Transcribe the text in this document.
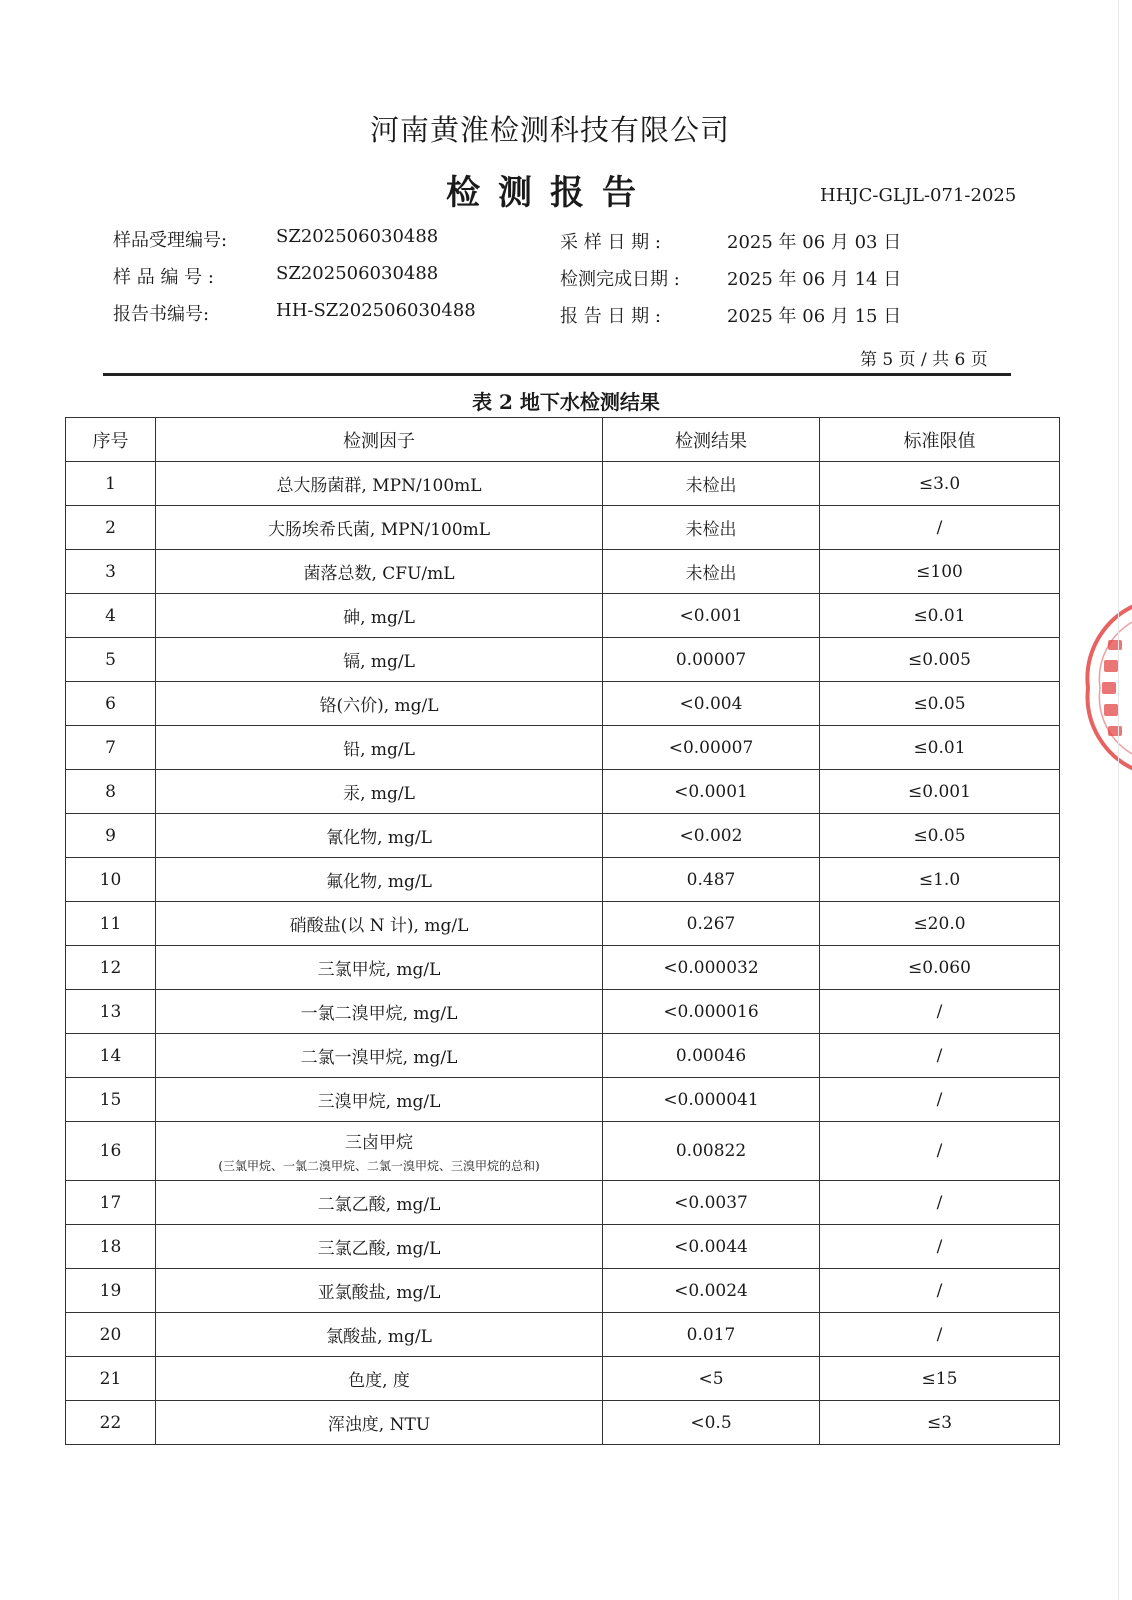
河南黄淮检测科技有限公司
检测报告	HHJC-GLJL-071-2025
样品受理编号:	SZ202506030488
样 品 编 号 :	SZ202506030488
报告书编号:	HH-SZ202506030488
采 样 日 期 :	2025 年 06 月 03 日
检测完成日期 :	2025 年 06 月 14 日
报 告 日 期 :	2025 年 06 月 15 日
第 5 页 / 共 6 页
表 2 地下水检测结果
序号	检测因子	检测结果	标准限值
1	总大肠菌群, MPN/100mL	未检出	≤3.0
2	大肠埃希氏菌, MPN/100mL	未检出	/
3	菌落总数, CFU/mL	未检出	≤100
4	砷, mg/L	<0.001	≤0.01
5	镉, mg/L	0.00007	≤0.005
6	铬(六价), mg/L	<0.004	≤0.05
7	铅, mg/L	<0.00007	≤0.01
8	汞, mg/L	<0.0001	≤0.001
9	氰化物, mg/L	<0.002	≤0.05
10	氟化物, mg/L	0.487	≤1.0
11	硝酸盐(以 N 计), mg/L	0.267	≤20.0
12	三氯甲烷, mg/L	<0.000032	≤0.060
13	一氯二溴甲烷, mg/L	<0.000016	/
14	二氯一溴甲烷, mg/L	0.00046	/
15	三溴甲烷, mg/L	<0.000041	/
16	三卤甲烷
(三氯甲烷、一氯二溴甲烷、二氯一溴甲烷、三溴甲烷的总和)	0.00822	/
17	二氯乙酸, mg/L	<0.0037	/
18	三氯乙酸, mg/L	<0.0044	/
19	亚氯酸盐, mg/L	<0.0024	/
20	氯酸盐, mg/L	0.017	/
21	色度, 度	<5	≤15
22	浑浊度, NTU	<0.5	≤3
